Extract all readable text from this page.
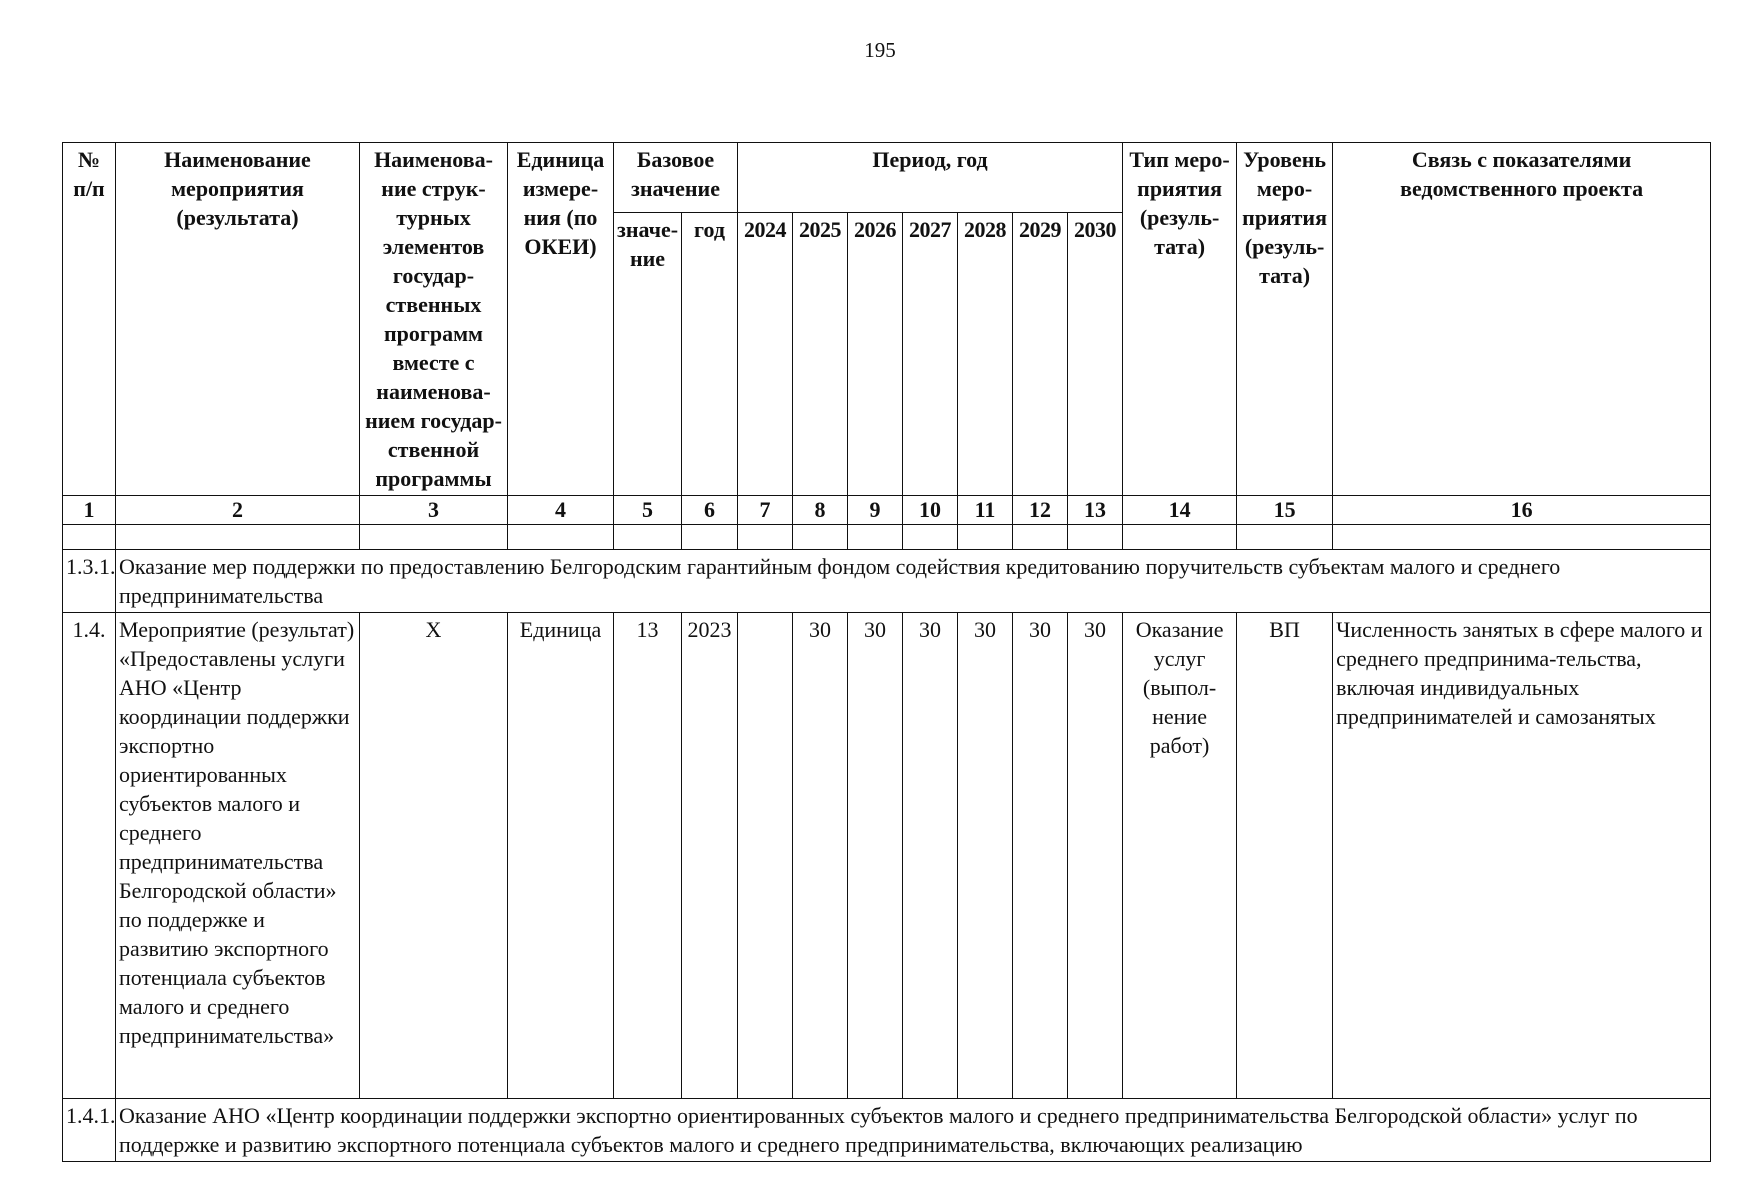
195
№ п/п	Наименование мероприятия (результата)	Наименова-ние струк-турных элементов государ-ственных программ вместе с наименова-нием государ-ственной программы	Единица измере-ния (по ОКЕИ)	Базовое значение		Период, год							Тип меро-приятия (резуль-тата)	Уровень меро-приятия (резуль-тата)	Связь с показателями ведомственного проекта
				значе-ние	год	2024	2025	2026	2027	2028	2029	2030			
1	2	3	4	5	6	7	8	9	10	11	12	13	14	15	16

1.3.1.	Оказание мер поддержки по предоставлению Белгородским гарантийным фондом содействия кредитованию поручительств субъектам малого и среднего предпринимательства														
1.4.	Мероприятие (результат) «Предоставлены услуги АНО «Центр координации поддержки экспортно ориентированных субъектов малого и среднего предпринимательства Белгородской области» по поддержке и развитию экспортного потенциала субъектов малого и среднего предпринимательства»	Х	Единица	13	2023		30	30	30	30	30	30	Оказание услуг (выпол-нение работ)	ВП	Численность занятых в сфере малого и среднего предпринима-тельства, включая индивидуальных предпринимателей и самозанятых
1.4.1.	Оказание АНО «Центр координации поддержки экспортно ориентированных субъектов малого и среднего предпринимательства Белгородской области» услуг по поддержке и развитию экспортного потенциала субъектов малого и среднего предпринимательства, включающих реализацию														
